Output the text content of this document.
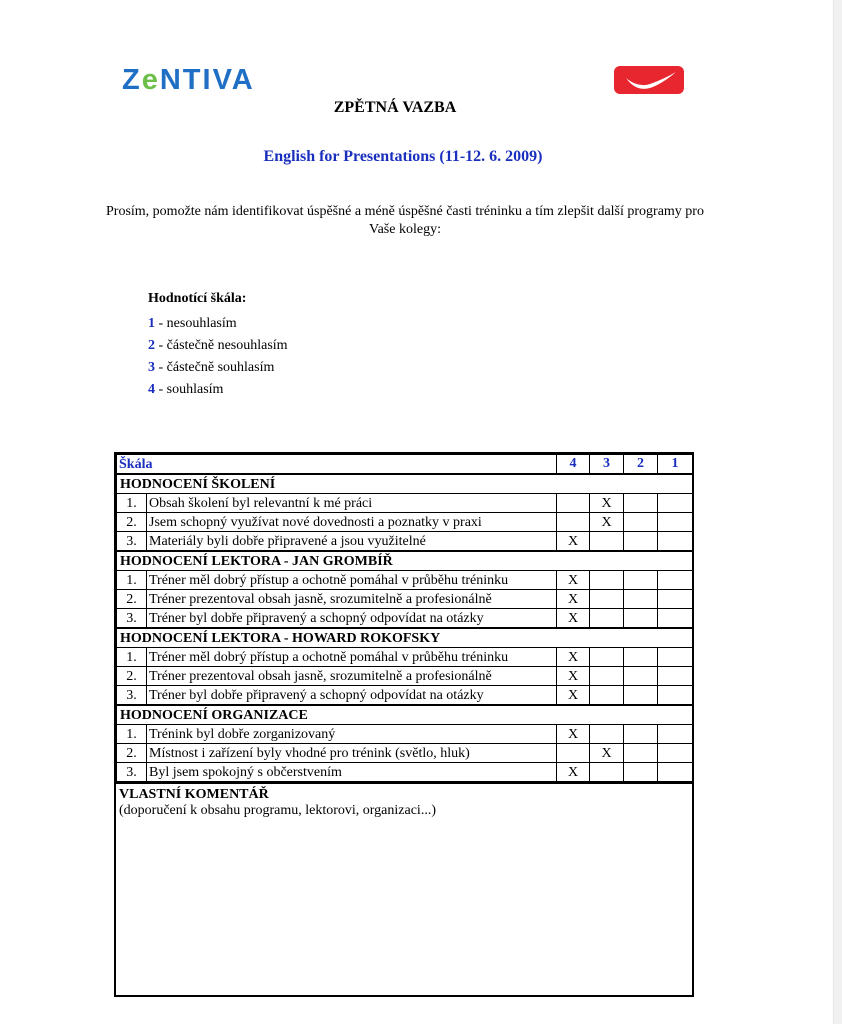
ZeNTIVA
ZPĚTNÁ VAZBA
English for Presentations (11-12. 6. 2009)
Prosím, pomožte nám identifikovat úspěšné a méně úspěšné časti tréninku a tím zlepšit další programy pro Vaše kolegy:
Hodnotící škála:
1 - nesouhlasím
2 - částečně nesouhlasím
3 - částečně souhlasím
4 - souhlasím
Škála		4	3	2	1
HODNOCENÍ ŠKOLENÍ					
1.	Obsah školení byl relevantní k mé práci		X		
2.	Jsem schopný využívat nové dovednosti a poznatky v praxi		X		
3.	Materiály byli dobře připravené a jsou využitelné	X			
HODNOCENÍ LEKTORA - JAN GROMBÍŘ					
1.	Tréner měl dobrý přístup a ochotně pomáhal v průběhu tréninku	X			
2.	Tréner prezentoval obsah jasně, srozumitelně a profesionálně	X			
3.	Tréner byl dobře připravený a schopný odpovídat na otázky	X			
HODNOCENÍ LEKTORA - HOWARD ROKOFSKY					
1.	Tréner měl dobrý přístup a ochotně pomáhal v průběhu tréninku	X			
2.	Tréner prezentoval obsah jasně, srozumitelně a profesionálně	X			
3.	Tréner byl dobře připravený a schopný odpovídat na otázky	X			
HODNOCENÍ ORGANIZACE					
1.	Trénink byl dobře zorganizovaný	X			
2.	Místnost i zařízení byly vhodné pro trénink (světlo, hluk)		X		
3.	Byl jsem spokojný s občerstvením	X			
VLASTNÍ KOMENTÁŘ
(doporučení k obsahu programu, lektorovi, organizaci...)
